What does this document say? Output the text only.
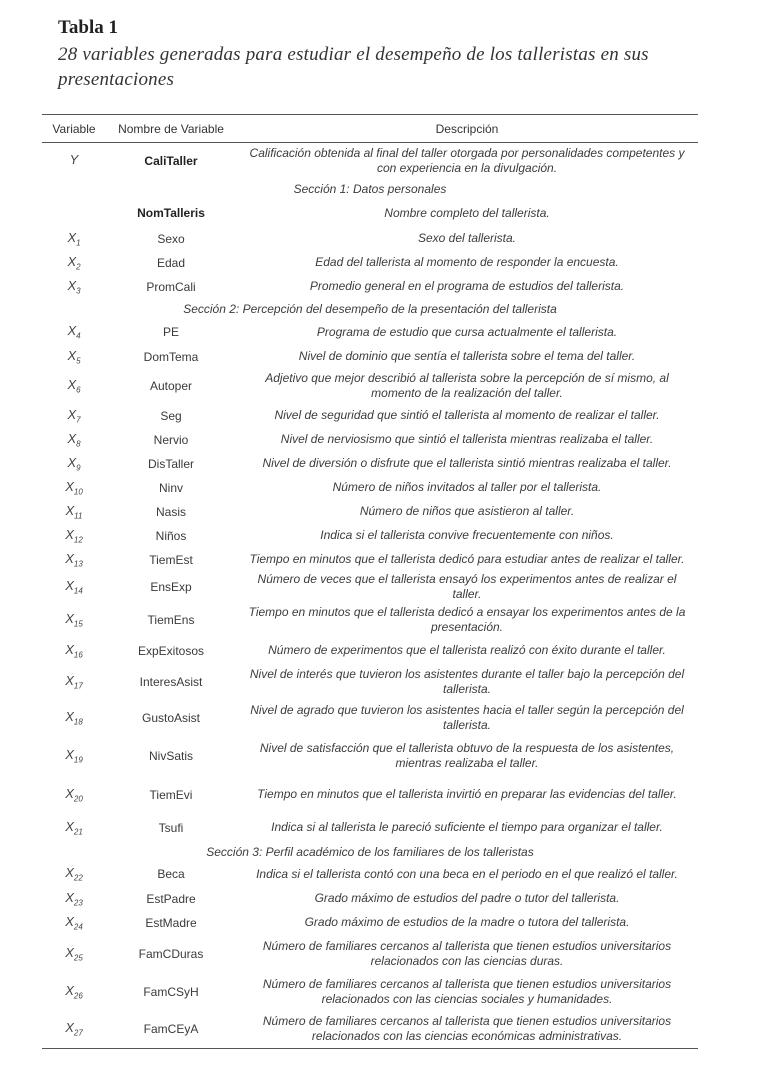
Tabla 1
28 variables generadas para estudiar el desempeño de los talleristas en sus presentaciones
Variable	Nombre de Variable	Descripción
Y	CaliTaller	Calificación obtenida al final del taller otorgada por personalidades competentes y con experiencia en la divulgación.
Sección 1: Datos personales		
	NomTalleris	Nombre completo del tallerista.
$X_1$	Sexo	Sexo del tallerista.
$X_2$	Edad	Edad del tallerista al momento de responder la encuesta.
$X_3$	PromCali	Promedio general en el programa de estudios del tallerista.
Sección 2: Percepción del desempeño de la presentación del tallerista		
$X_4$	PE	Programa de estudio que cursa actualmente el tallerista.
$X_5$	DomTema	Nivel de dominio que sentía el tallerista sobre el tema del taller.
$X_6$	Autoper	Adjetivo que mejor describió al tallerista sobre la percepción de sí mismo, al momento de la realización del taller.
$X_7$	Seg	Nivel de seguridad que sintió el tallerista al momento de realizar el taller.
$X_8$	Nervio	Nivel de nerviosismo que sintió el tallerista mientras realizaba el taller.
$X_9$	DisTaller	Nivel de diversión o disfrute que el tallerista sintió mientras realizaba el taller.
$X_{10}$	Ninv	Número de niños invitados al taller por el tallerista.
$X_{11}$	Nasis	Número de niños que asistieron al taller.
$X_{12}$	Niños	Indica si el tallerista convive frecuentemente con niños.
$X_{13}$	TiemEst	Tiempo en minutos que el tallerista dedicó para estudiar antes de realizar el taller.
$X_{14}$	EnsExp	Número de veces que el tallerista ensayó los experimentos antes de realizar el taller.
$X_{15}$	TiemEns	Tiempo en minutos que el tallerista dedicó a ensayar los experimentos antes de la presentación.
$X_{16}$	ExpExitosos	Número de experimentos que el tallerista realizó con éxito durante el taller.
$X_{17}$	InteresAsist	Nivel de interés que tuvieron los asistentes durante el taller bajo la percepción del tallerista.
$X_{18}$	GustoAsist	Nivel de agrado que tuvieron los asistentes hacia el taller según la percepción del tallerista.
$X_{19}$	NivSatis	Nivel de satisfacción que el tallerista obtuvo de la respuesta de los asistentes, mientras realizaba el taller.
$X_{20}$	TiemEvi	Tiempo en minutos que el tallerista invirtió en preparar las evidencias del taller.
$X_{21}$	Tsufi	Indica si al tallerista le pareció suficiente el tiempo para organizar el taller.
Sección 3: Perfil académico de los familiares de los talleristas		
$X_{22}$	Beca	Indica si el tallerista contó con una beca en el periodo en el que realizó el taller.
$X_{23}$	EstPadre	Grado máximo de estudios del padre o tutor del tallerista.
$X_{24}$	EstMadre	Grado máximo de estudios de la madre o tutora del tallerista.
$X_{25}$	FamCDuras	Número de familiares cercanos al tallerista que tienen estudios universitarios relacionados con las ciencias duras.
$X_{26}$	FamCSyH	Número de familiares cercanos al tallerista que tienen estudios universitarios relacionados con las ciencias sociales y humanidades.
$X_{27}$	FamCEyA	Número de familiares cercanos al tallerista que tienen estudios universitarios relacionados con las ciencias económicas administrativas.
